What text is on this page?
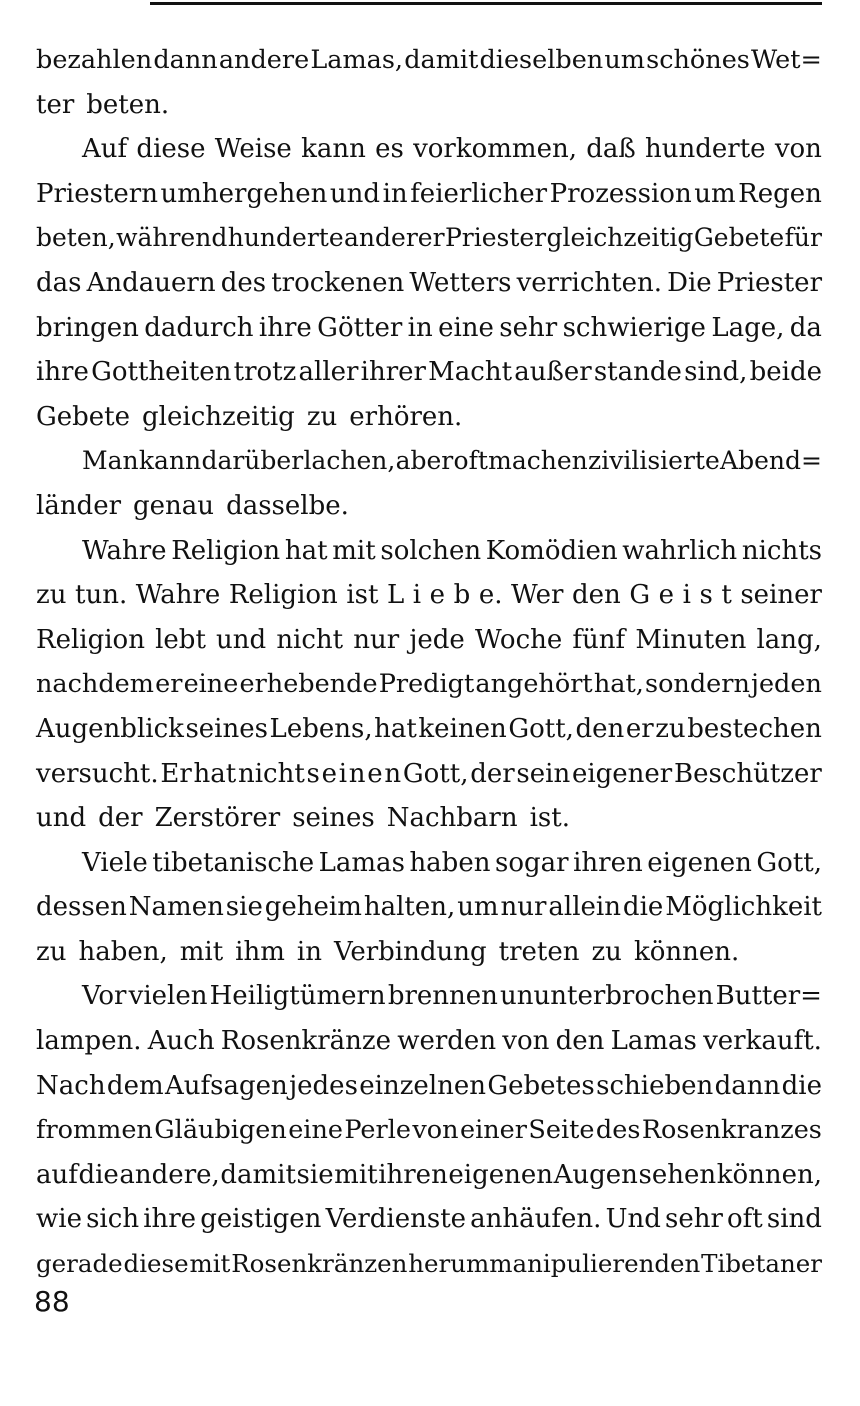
bezahlen dann andere Lamas, damit dieselben um schönes Wet=
ter beten.
Auf diese Weise kann es vorkommen, daß hunderte von
Priestern umhergehen und in feierlicher Prozession um Regen
beten, während hunderte anderer Priester gleichzeitig Gebete für
das Andauern des trockenen Wetters verrichten. Die Priester
bringen dadurch ihre Götter in eine sehr schwierige Lage, da
ihre Gottheiten trotz aller ihrer Macht außer stande sind, beide
Gebete gleichzeitig zu erhören.
Man kann darüber lachen, aber oft machen zivilisierte Abend=
länder genau dasselbe.
Wahre Religion hat mit solchen Komödien wahrlich nichts
zu tun. Wahre Religion ist L i e b e. Wer den G e i s t seiner
Religion lebt und nicht nur jede Woche fünf Minuten lang,
nachdem er eine erhebende Predigt angehört hat, sondern jeden
Augenblick seines Lebens, hat keinen Gott, den er zu bestechen
versucht. Er hat nicht s e i n e n Gott, der sein eigener Beschützer
und der Zerstörer seines Nachbarn ist.
Viele tibetanische Lamas haben sogar ihren eigenen Gott,
dessen Namen sie geheim halten, um nur allein die Möglichkeit
zu haben, mit ihm in Verbindung treten zu können.
Vor vielen Heiligtümern brennen ununterbrochen Butter=
lampen. Auch Rosenkränze werden von den Lamas verkauft.
Nach dem Aufsagen jedes einzelnen Gebetes schieben dann die
frommen Gläubigen eine Perle von einer Seite des Rosenkranzes
auf die andere, damit sie mit ihren eigenen Augen sehen können,
wie sich ihre geistigen Verdienste anhäufen. Und sehr oft sind
gerade diese mit Rosenkränzen herummanipulierenden Tibetaner
88
